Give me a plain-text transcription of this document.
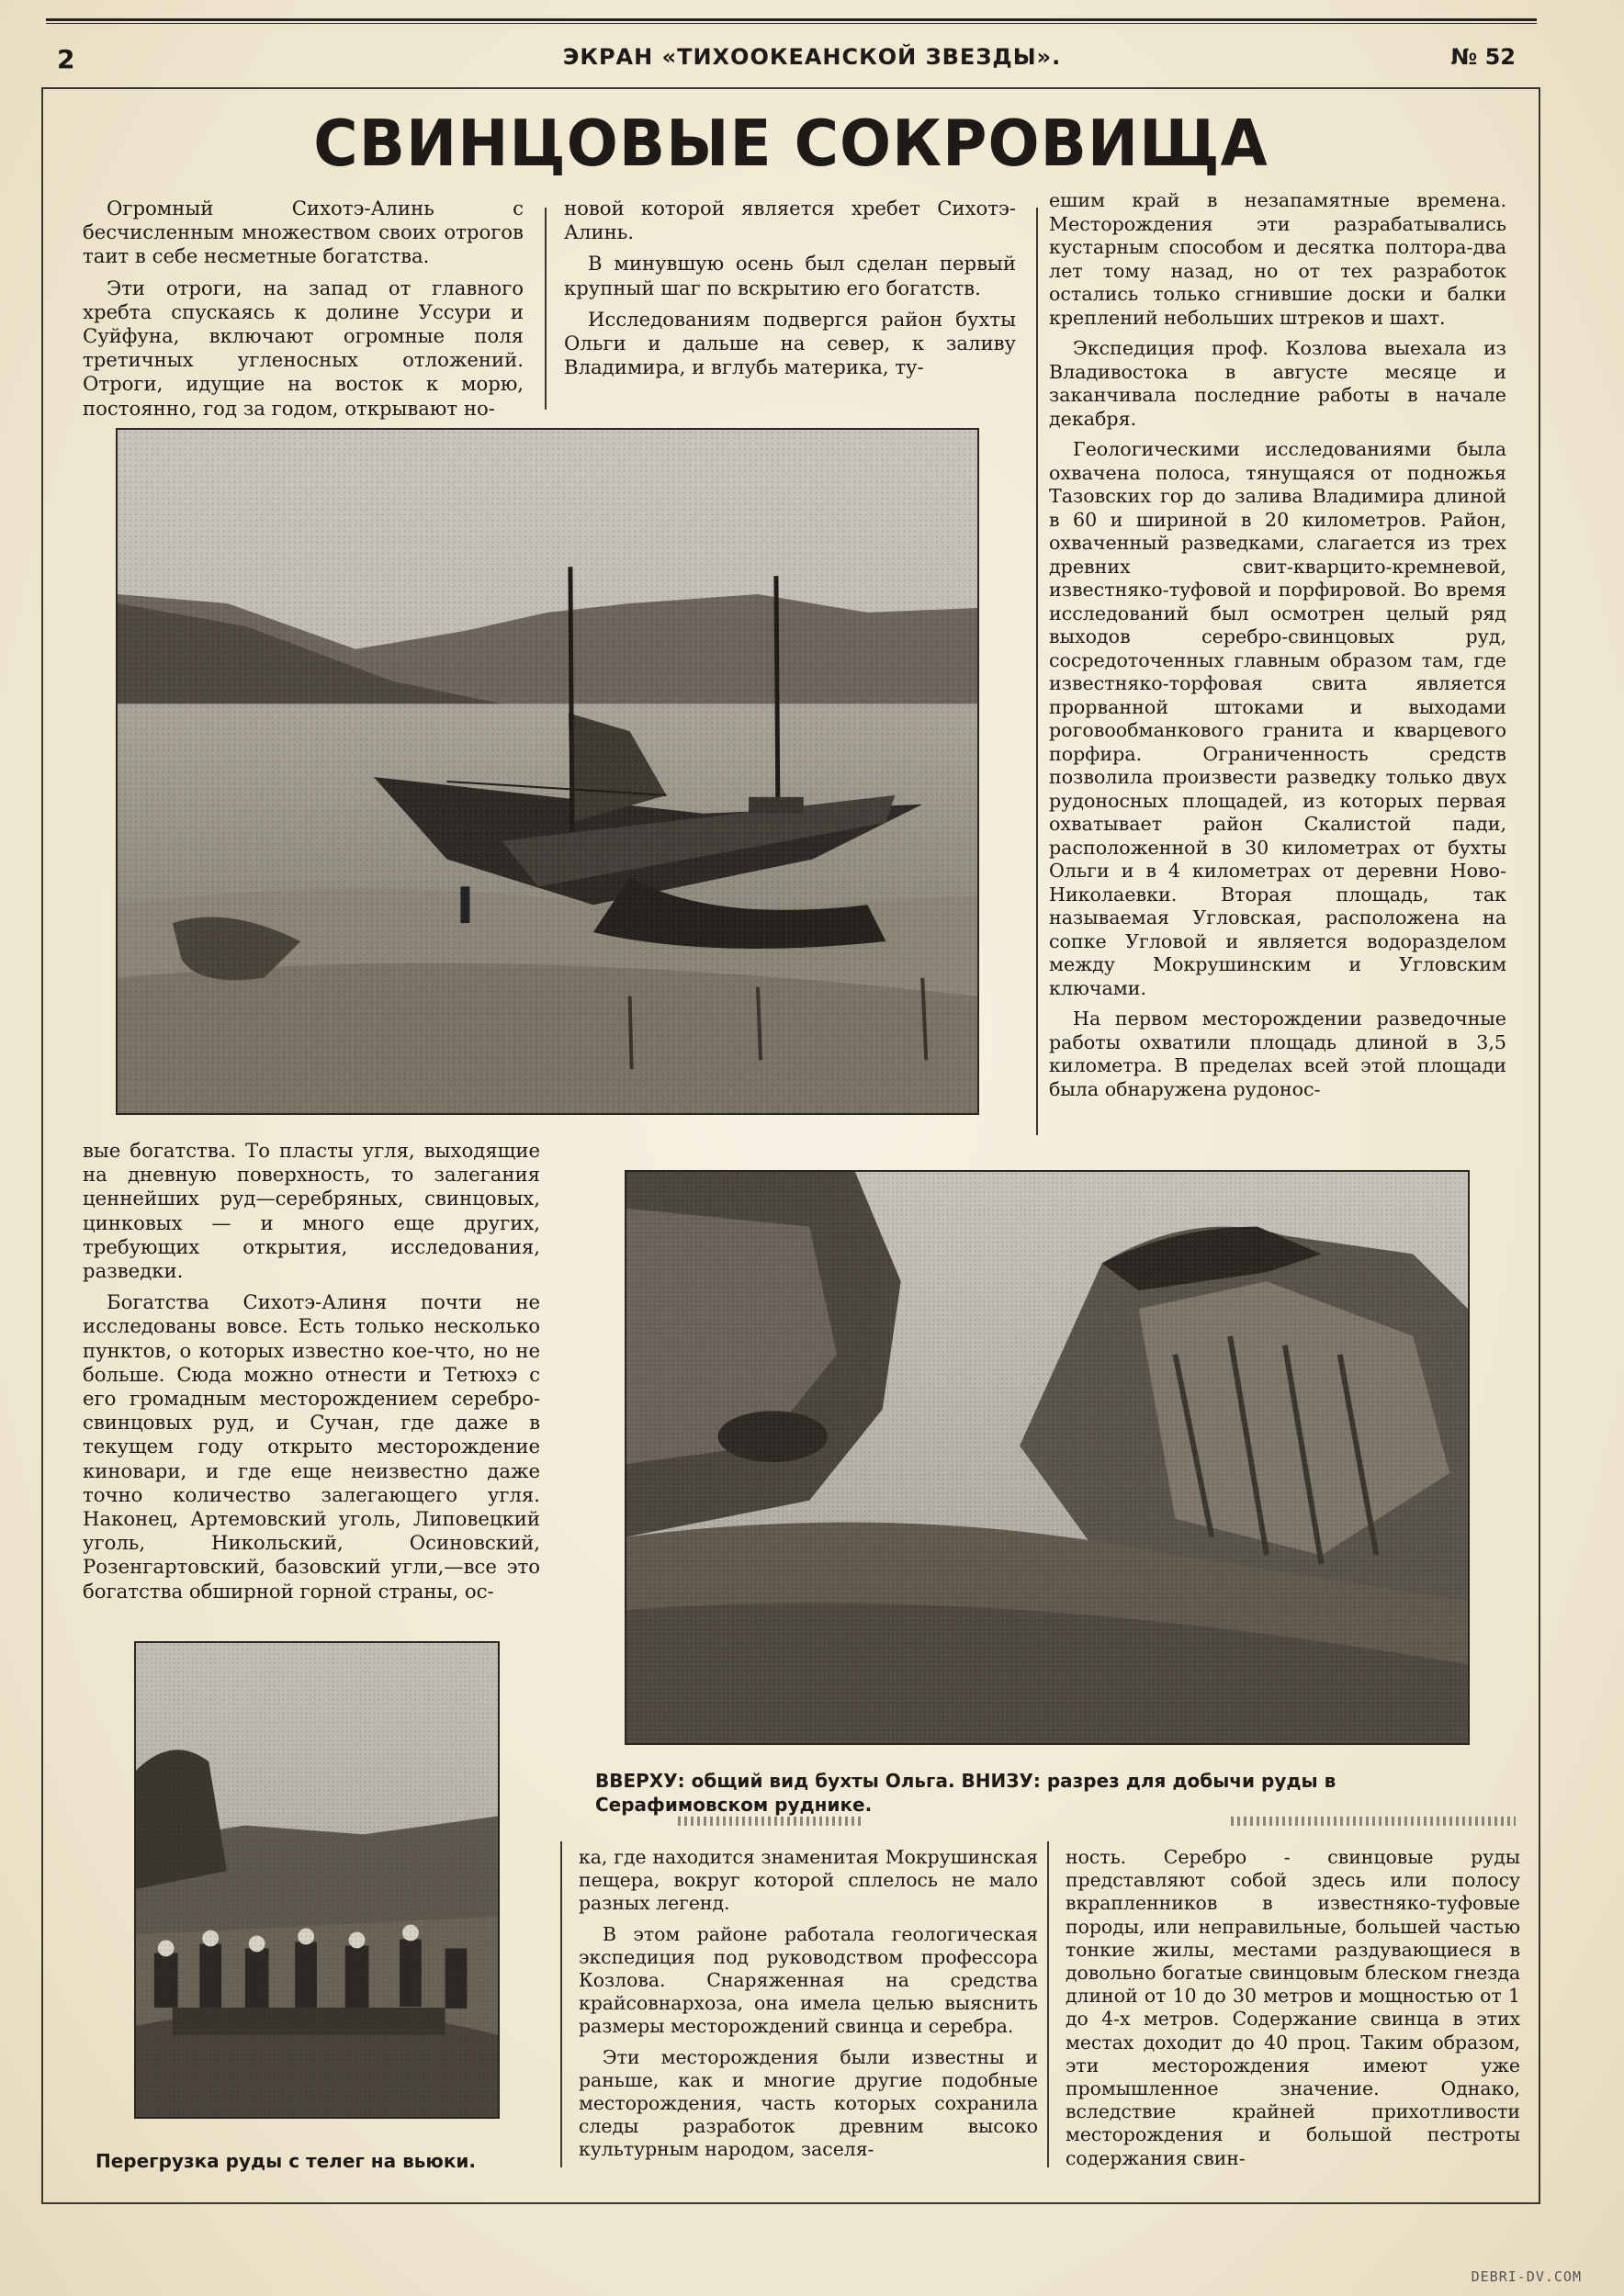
2	ЭКРАН «ТИХООКЕАНСКОЙ ЗВЕЗДЫ».	№ 52
СВИНЦОВЫЕ СОКРОВИЩА

Огромный Сихотэ-Алинь с бесчисленным множеством своих отрогов таит в себе несметные богатства.

Эти отроги, на запад от главного хребта спускаясь к долине Уссури и Суйфуна, включают огромные поля третичных угленосных отложений. Отроги, идущие на восток к морю, постоянно, год за годом, открывают но-

новой которой является хребет Сихотэ-Алинь.

В минувшую осень был сделан первый крупный шаг по вскрытию его богатств.

Исследованиям подвергся район бухты Ольги и дальше на север, к заливу Владимира, и вглубь материка, ту-

ешим край в незапамятные времена. Месторождения эти разрабатывались кустарным способом и десятка полтора-два лет тому назад, но от тех разработок остались только сгнившие доски и балки креплений небольших штреков и шахт.

Экспедиция проф. Козлова выехала из Владивостока в августе месяце и заканчивала последние работы в начале декабря.

Геологическими исследованиями была охвачена полоса, тянущаяся от подножья Тазовских гор до залива Владимира длиной в 60 и шириной в 20 километров. Район, охваченный разведками, слагается из трех древних свит-кварцито-кремневой, известняко-туфовой и порфировой. Во время исследований был осмотрен целый ряд выходов серебро-свинцовых руд, сосредоточенных главным образом там, где известняко-торфовая свита является прорванной штоками и выходами роговообманкового гранита и кварцевого порфира. Ограниченность средств позволила произвести разведку только двух рудоносных площадей, из которых первая охватывает район Скалистой пади, расположенной в 30 километрах от бухты Ольги и в 4 километрах от деревни Ново-Николаевки. Вторая площадь, так называемая Угловская, расположена на сопке Угловой и является водоразделом между Мокрушинским и Угловским ключами.

На первом месторождении разведочные работы охватили площадь длиной в 3,5 километра. В пределах всей этой площади была обнаружена рудонос-

вые богатства. То пласты угля, выходящие на дневную поверхность, то залегания ценнейших руд—серебряных, свинцовых, цинковых — и много еще других, требующих открытия, исследования, разведки.

Богатства Сихотэ-Алиня почти не исследованы вовсе. Есть только несколько пунктов, о которых известно кое-что, но не больше. Сюда можно отнести и Тетюхэ с его громадным месторождением серебро-свинцовых руд, и Сучан, где даже в текущем году открыто месторождение киновари, и где еще неизвестно даже точно количество залегающего угля. Наконец, Артемовский уголь, Липовецкий уголь, Никольский, Осиновский, Розенгартовский, базовский угли,—все это богатства обширной горной страны, ос-

ВВЕРХУ: общий вид бухты Ольга. ВНИЗУ: разрез для добычи руды в Серафимовском руднике.
Перегрузка руды с телег на вьюки.

ка, где находится знаменитая Мокрушинская пещера, вокруг которой сплелось не мало разных легенд.

В этом районе работала геологическая экспедиция под руководством профессора Козлова. Снаряженная на средства крайсовнархоза, она имела целью выяснить размеры месторождений свинца и серебра.

Эти месторождения были известны и раньше, как и многие другие подобные месторождения, часть которых сохранила следы разработок древним высоко культурным народом, заселя-

ность. Серебро - свинцовые руды представляют собой здесь или полосу вкрапленников в известняко-туфовые породы, или неправильные, большей частью тонкие жилы, местами раздувающиеся в довольно богатые свинцовым блеском гнезда длиной от 10 до 30 метров и мощностью от 1 до 4-х метров. Содержание свинца в этих местах доходит до 40 проц. Таким образом, эти месторождения имеют уже промышленное значение. Однако, вследствие крайней прихотливости месторождения и большой пестроты содержания свин-

DEBRI-DV.COM
